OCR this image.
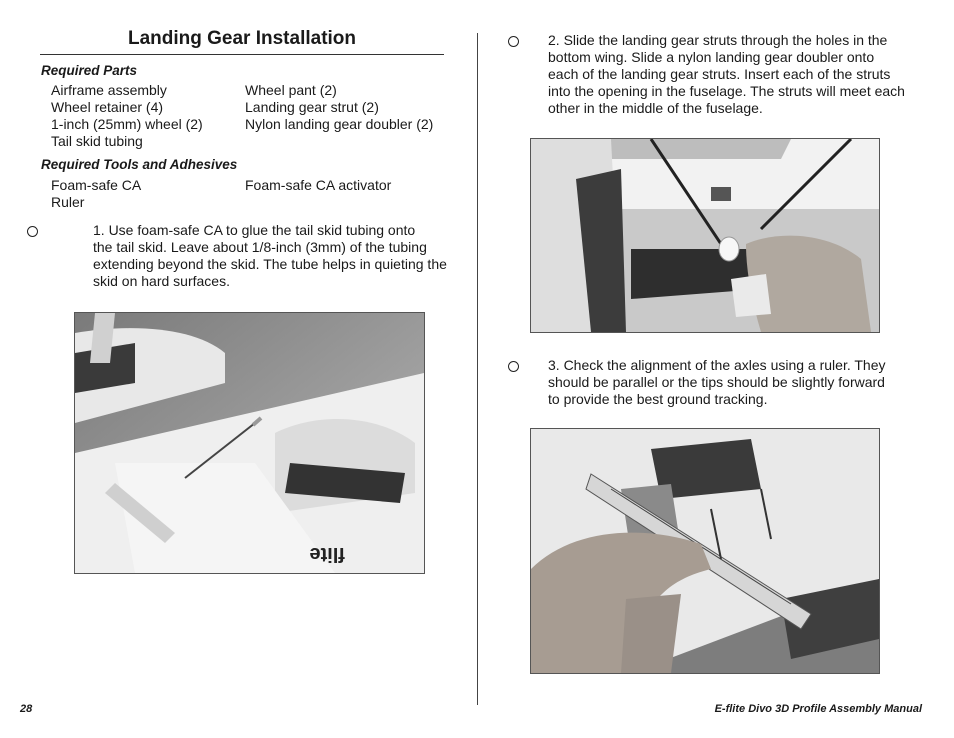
Landing Gear Installation
Required Parts
Airframe assembly
Wheel retainer (4)
1-inch (25mm) wheel (2)
Tail skid tubing
Wheel pant (2)
Landing gear strut (2)
Nylon landing gear doubler (2)
Required Tools and Adhesives
Foam-safe CA
Ruler
Foam-safe CA activator
1. Use foam-safe CA to glue the tail skid tubing onto
the tail skid. Leave about 1/8-inch (3mm) of the tubing
extending beyond the skid. The tube helps in quieting the
skid on hard surfaces.
flite
2. Slide the landing gear struts through the holes in the
bottom wing. Slide a nylon landing gear doubler onto
each of the landing gear struts. Insert each of the struts
into the opening in the fuselage. The struts will meet each
other in the middle of the fuselage.
3. Check the alignment of the axles using a ruler. They
should be parallel or the tips should be slightly forward
to provide the best ground tracking.
28	E-flite Divo 3D Profile Assembly Manual
